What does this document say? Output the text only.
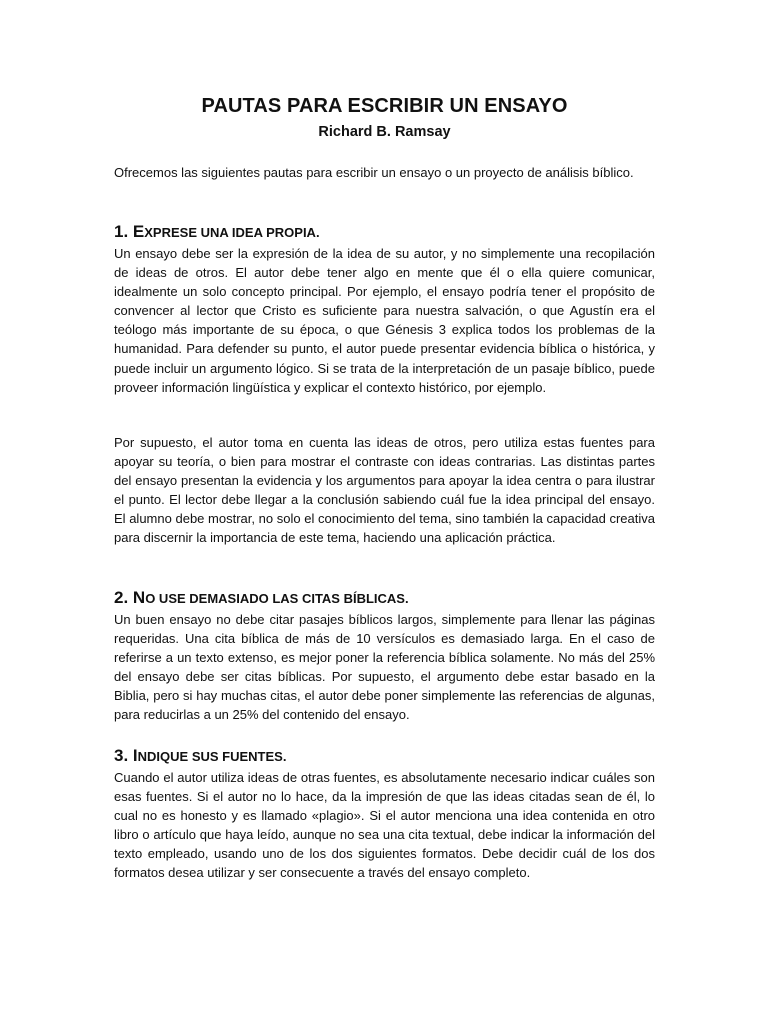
PAUTAS PARA ESCRIBIR UN ENSAYO
Richard B. Ramsay

Ofrecemos las siguientes pautas para escribir un ensayo o un proyecto de análisis bíblico.

1. EXPRESE UNA IDEA PROPIA.

Un ensayo debe ser la expresión de la idea de su autor, y no simplemente una recopilación de ideas de otros. El autor debe tener algo en mente que él o ella quiere comunicar, idealmente un solo concepto principal. Por ejemplo, el ensayo podría tener el propósito de convencer al lector que Cristo es suficiente para nuestra salvación, o que Agustín era el teólogo más importante de su época, o que Génesis 3 explica todos los problemas de la humanidad. Para defender su punto, el autor puede presentar evidencia bíblica o histórica, y puede incluir un argumento lógico. Si se trata de la interpretación de un pasaje bíblico, puede proveer información lingüística y explicar el contexto histórico, por ejemplo.

Por supuesto, el autor toma en cuenta las ideas de otros, pero utiliza estas fuentes para apoyar su teoría, o bien para mostrar el contraste con ideas contrarias. Las distintas partes del ensayo presentan la evidencia y los argumentos para apoyar la idea centra o para ilustrar el punto. El lector debe llegar a la conclusión sabiendo cuál fue la idea principal del ensayo. El alumno debe mostrar, no solo el conocimiento del tema, sino también la capacidad creativa para discernir la importancia de este tema, haciendo una aplicación práctica.

2. NO USE DEMASIADO LAS CITAS BÍBLICAS.

Un buen ensayo no debe citar pasajes bíblicos largos, simplemente para llenar las páginas requeridas. Una cita bíblica de más de 10 versículos es demasiado larga. En el caso de referirse a un texto extenso, es mejor poner la referencia bíblica solamente. No más del 25% del ensayo debe ser citas bíblicas. Por supuesto, el argumento debe estar basado en la Biblia, pero si hay muchas citas, el autor debe poner simplemente las referencias de algunas, para reducirlas a un 25% del contenido del ensayo.

3. INDIQUE SUS FUENTES.

Cuando el autor utiliza ideas de otras fuentes, es absolutamente necesario indicar cuáles son esas fuentes. Si el autor no lo hace, da la impresión de que las ideas citadas sean de él, lo cual no es honesto y es llamado «plagio». Si el autor menciona una idea contenida en otro libro o artículo que haya leído, aunque no sea una cita textual, debe indicar la información del texto empleado, usando uno de los dos siguientes formatos. Debe decidir cuál de los dos formatos desea utilizar y ser consecuente a través del ensayo completo.
